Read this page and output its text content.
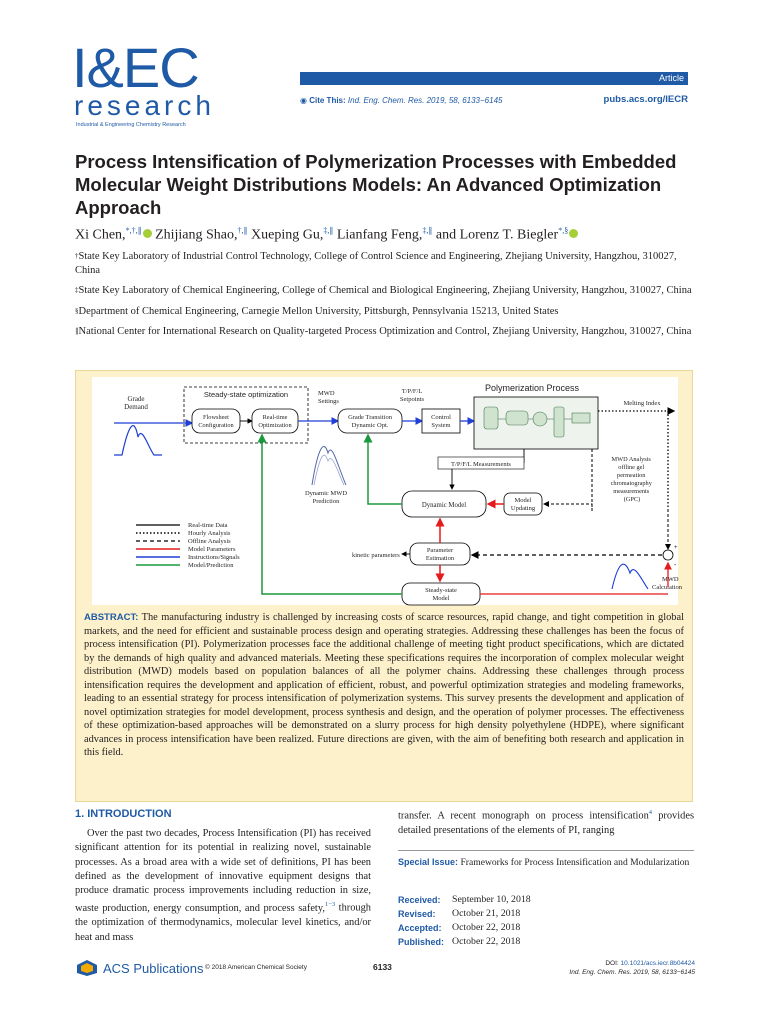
I&EC
research
Industrial & Engineering Chemistry Research
Article
◉ Cite This: Ind. Eng. Chem. Res. 2019, 58, 6133−6145	pubs.acs.org/IECR
Process Intensification of Polymerization Processes with Embedded Molecular Weight Distributions Models: An Advanced Optimization Approach
Xi Chen,*,†,∥ Zhijiang Shao,†,∥ Xueping Gu,‡,∥ Lianfang Feng,‡,∥ and Lorenz T. Biegler*,§
†State Key Laboratory of Industrial Control Technology, College of Control Science and Engineering, Zhejiang University, Hangzhou, 310027, China
‡State Key Laboratory of Chemical Engineering, College of Chemical and Biological Engineering, Zhejiang University, Hangzhou, 310027, China
§Department of Chemical Engineering, Carnegie Mellon University, Pittsburgh, Pennsylvania 15213, United States
∥National Center for International Research on Quality-targeted Process Optimization and Control, Zhejiang University, Hangzhou, 310027, China
Steady-state optimization
Grade Demand
Flowsheet Configuration
Real-time Optimization
MWD Settings
Grade Transition Dynamic Opt.
T/P/F/L Setpoints
Control System
Polymerization Process
Melting Index
MWD Analysis offline gel permeation chromatography measurements (GPC)
T/P/F/L Measurements
Dynamic MWD Prediction
Dynamic Model
Model Updating
Parameter Estimation
kinetic parameters
+
-
MWD Calculation
Steady-state Model
Real-time Data
Hourly Analysis
Offline Analysis
Model Parameters
Instructions/Signals
Model/Prediction
ABSTRACT: The manufacturing industry is challenged by increasing costs of scarce resources, rapid change, and tight competition in global markets, and the need for efficient and sustainable process design and operating strategies. Addressing these challenges has been the focus of process intensification (PI). Polymerization processes face the additional challenge of meeting tight product specifications, which are dictated by the demands of high quality and advanced materials. Meeting these specifications requires the incorporation of complex molecular weight distribution (MWD) models based on population balances of all the polymer chains. Addressing these challenges through process intensification requires the development and application of efficient, robust, and powerful optimization strategies and modeling frameworks, leading to an essential strategy for process intensification of polymerization systems. This survey presents the development and application of novel optimization strategies for model development, process synthesis and design, and the operation of polymer processes. The effectiveness of these optimization-based approaches will be demonstrated on a slurry process for high density polyethylene (HDPE), where significant advances in process intensification have been realized. Future directions are given, with the aim of benefiting both research and application in this field.
1. INTRODUCTION
Over the past two decades, Process Intensification (PI) has received significant attention for its potential in realizing novel, sustainable processes. As a broad area with a wide set of definitions, PI has been defined as the development of innovative equipment designs that produce dramatic process improvements including reduction in size, waste production, energy consumption, and process safety,$^{1-3}$ through the optimization of thermodynamics, molecular level kinetics, and/or heat and mass
transfer. A recent monograph on process intensification$^4$ provides detailed presentations of the elements of PI, ranging
Special Issue: Frameworks for Process Intensification and Modularization
Received:	September 10, 2018
Revised:	October 21, 2018
Accepted:	October 22, 2018
Published: October 22, 2018
ACS Publications © 2018 American Chemical Society	6133	DOI: 10.1021/acs.iecr.8b04424
Ind. Eng. Chem. Res. 2019, 58, 6133−6145
